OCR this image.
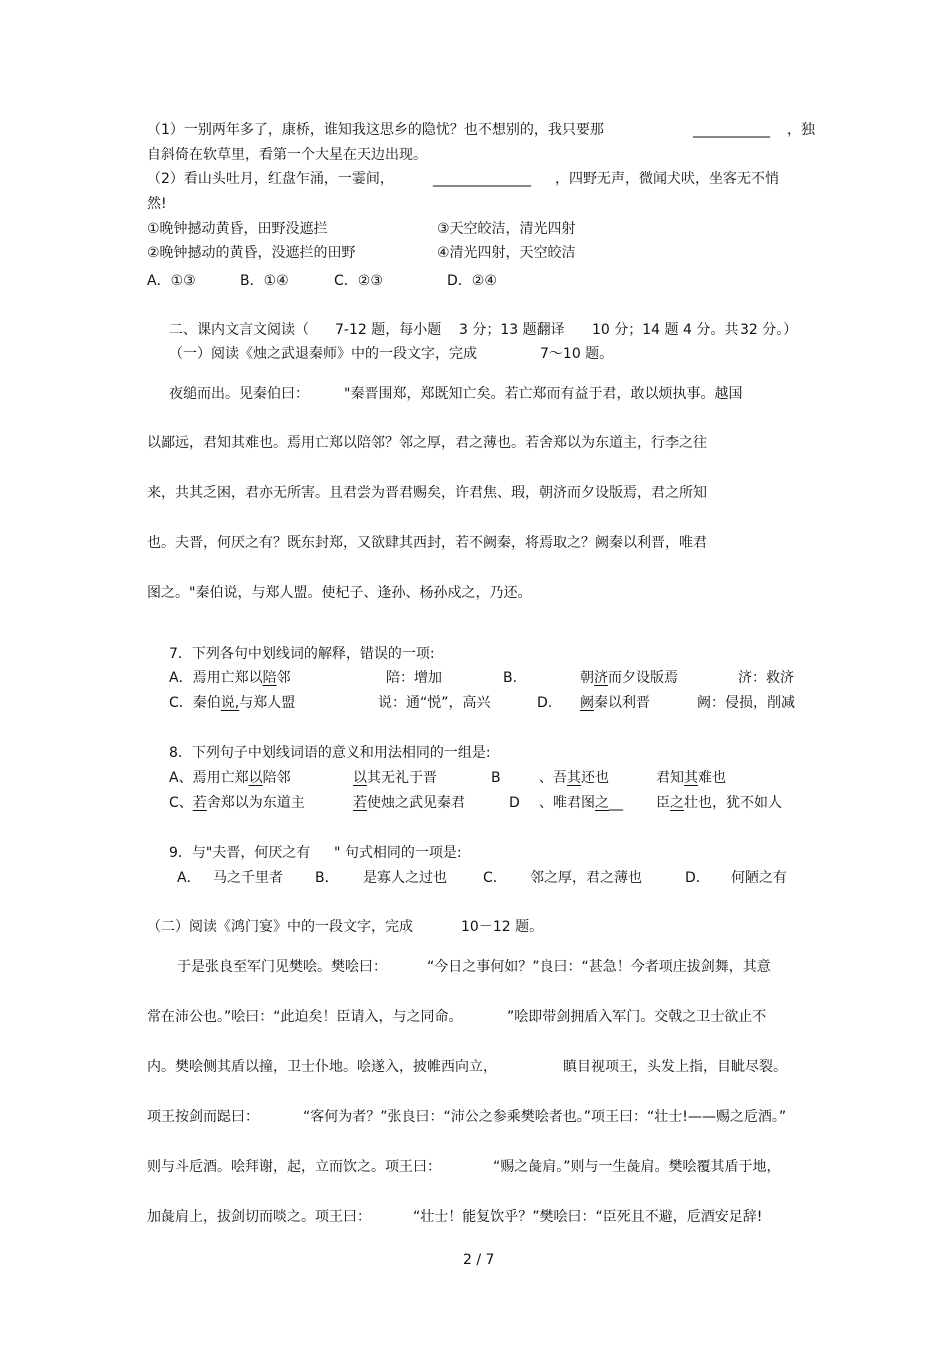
（1）一别两年多了，康桥，谁知我这思乡的隐忧？也不想别的，我只要那	___________ ，独
自斜倚在软草里，看第一个大星在天边出现。
（2）看山头吐月，红盘乍涌，一霎间，	______________ ，四野无声，微闻犬吠，坐客无不悄
然!
①晚钟撼动黄昏，田野没遮拦	③天空皎洁，清光四射
②晚钟撼动的黄昏，没遮拦的田野	④清光四射，天空皎洁
A．①③	B．①④	C．②③	D．②④
二、课内文言文阅读（ 7-12 题，每小题 3 分；13 题翻译 10 分；14 题 4 分。共 32 分。）
（一）阅读《烛之武退秦师》中的一段文字，完成	7～10 题。
夜缒而出。见秦伯曰：	"秦晋围郑，郑既知亡矣。若亡郑而有益于君，敢以烦执事。越国
以鄙远，君知其难也。焉用亡郑以陪邻？邻之厚，君之薄也。若舍郑以为东道主，行李之往
来，共其乏困，君亦无所害。且君尝为晋君赐矣，许君焦、瑕，朝济而夕设版焉，君之所知
也。夫晋，何厌之有？既东封郑，又欲肆其西封，若不阙秦，将焉取之？阙秦以利晋，唯君
图之。"秦伯说，与郑人盟。使杞子、逢孙、杨孙戍之，乃还。
7．下列各句中划线词的解释，错误的一项:
A．焉用亡郑以陪邻	陪：增加	B.	朝济而夕设版焉	济：救济
C．秦伯说,与郑人盟	说：通“悦”，高兴	D. 阙秦以利晋	阙：侵损，削减
8．下列句子中划线词语的意义和用法相同的一组是:
A、焉用亡郑以陪邻	以其无礼于晋	B	、吾其还也	君知其难也
C、若舍郑以为东道主	若使烛之武见秦君	D 、唯君图之__ 臣之壮也，犹不如人
9．与"夫晋，何厌之有 " 句式相同的一项是:
A． 马之千里者 B． 是寡人之过也	C． 邻之厚，君之薄也	D． 何陋之有
（二）阅读《鸿门宴》中的一段文字，完成	10－12 题。
于是张良至军门见樊哙。樊哙曰：	“今日之事何如？”良曰：“甚急！今者项庄拔剑舞，其意
常在沛公也。”哙曰：“此迫矣！臣请入，与之同命。	”哙即带剑拥盾入军门。交戟之卫士欲止不
内。樊哙侧其盾以撞，卫士仆地。哙遂入，披帷西向立，	瞋目视项王，头发上指，目眦尽裂。
项王按剑而跽曰：	“客何为者？”张良曰：“沛公之参乘樊哙者也。”项王曰：“壮士!——赐之卮酒。”
则与斗卮酒。哙拜谢，起，立而饮之。项王曰：	“赐之彘肩。”则与一生彘肩。樊哙覆其盾于地，
加彘肩上，拔剑切而啖之。项王曰：	“壮士！能复饮乎？”樊哙曰：“臣死且不避，卮酒安足辞!
2 / 7
